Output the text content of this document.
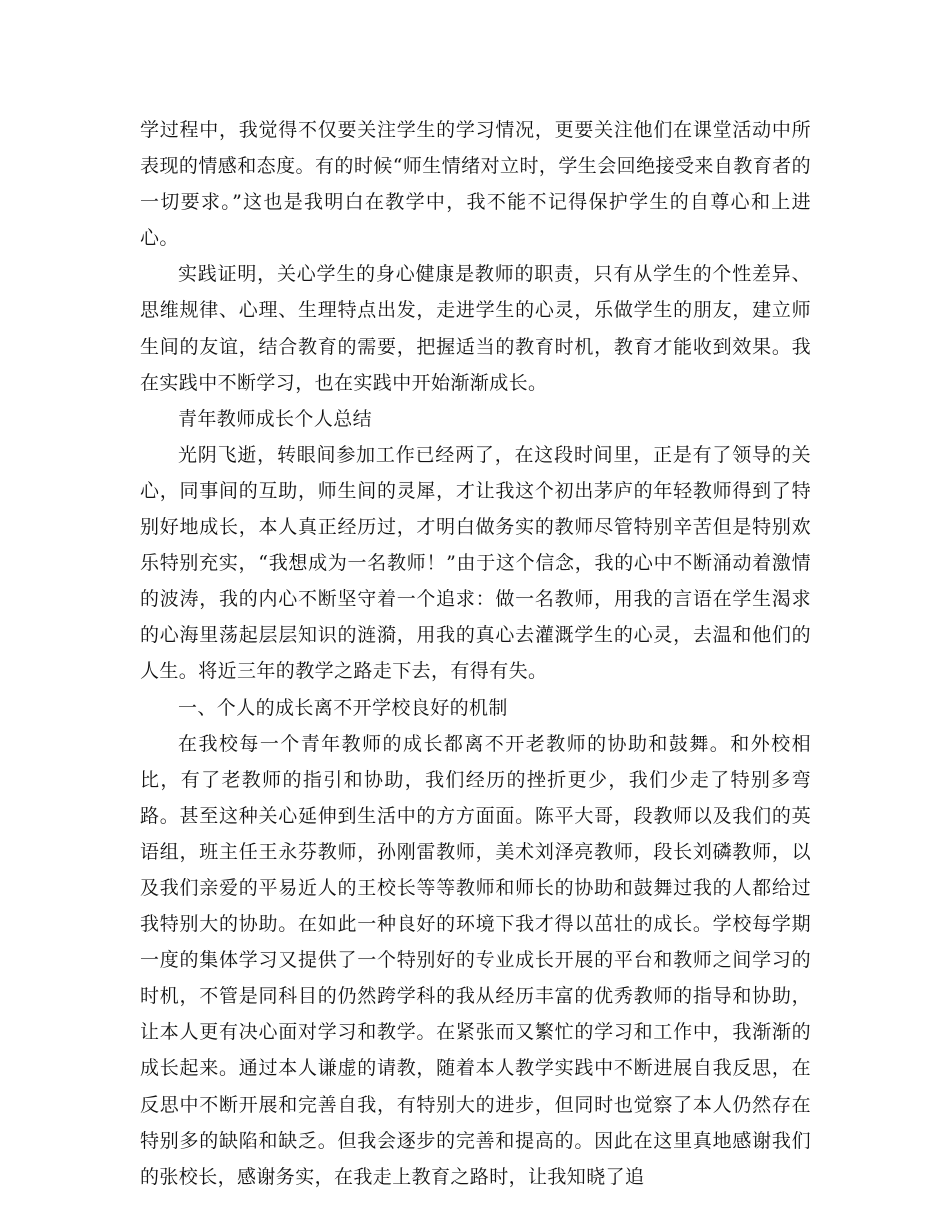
学过程中，我觉得不仅要关注学生的学习情况，更要关注他们在课堂活动中所表现的情感和态度。有的时候“师生情绪对立时，学生会回绝接受来自教育者的一切要求。”这也是我明白在教学中，我不能不记得保护学生的自尊心和上进心。

实践证明，关心学生的身心健康是教师的职责，只有从学生的个性差异、思维规律、心理、生理特点出发，走进学生的心灵，乐做学生的朋友，建立师生间的友谊，结合教育的需要，把握适当的教育时机，教育才能收到效果。我在实践中不断学习，也在实践中开始渐渐成长。

青年教师成长个人总结

光阴飞逝，转眼间参加工作已经两了，在这段时间里，正是有了领导的关心，同事间的互助，师生间的灵犀，才让我这个初出茅庐的年轻教师得到了特别好地成长，本人真正经历过，才明白做务实的教师尽管特别辛苦但是特别欢乐特别充实，“我想成为一名教师！”由于这个信念，我的心中不断涌动着激情的波涛，我的内心不断坚守着一个追求：做一名教师，用我的言语在学生渴求的心海里荡起层层知识的涟漪，用我的真心去灌溉学生的心灵，去温和他们的人生。将近三年的教学之路走下去，有得有失。

一、个人的成长离不开学校良好的机制

在我校每一个青年教师的成长都离不开老教师的协助和鼓舞。和外校相比，有了老教师的指引和协助，我们经历的挫折更少，我们少走了特别多弯路。甚至这种关心延伸到生活中的方方面面。陈平大哥，段教师以及我们的英语组，班主任王永芬教师，孙刚雷教师，美术刘泽亮教师，段长刘磷教师，以及我们亲爱的平易近人的王校长等等教师和师长的协助和鼓舞过我的人都给过我特别大的协助。在如此一种良好的环境下我才得以茁壮的成长。学校每学期一度的集体学习又提供了一个特别好的专业成长开展的平台和教师之间学习的时机，不管是同科目的仍然跨学科的我从经历丰富的优秀教师的指导和协助，让本人更有决心面对学习和教学。在紧张而又繁忙的学习和工作中，我渐渐的成长起来。通过本人谦虚的请教，随着本人教学实践中不断进展自我反思，在反思中不断开展和完善自我，有特别大的进步，但同时也觉察了本人仍然存在特别多的缺陷和缺乏。但我会逐步的完善和提高的。因此在这里真地感谢我们的张校长，感谢务实，在我走上教育之路时，让我知晓了追
